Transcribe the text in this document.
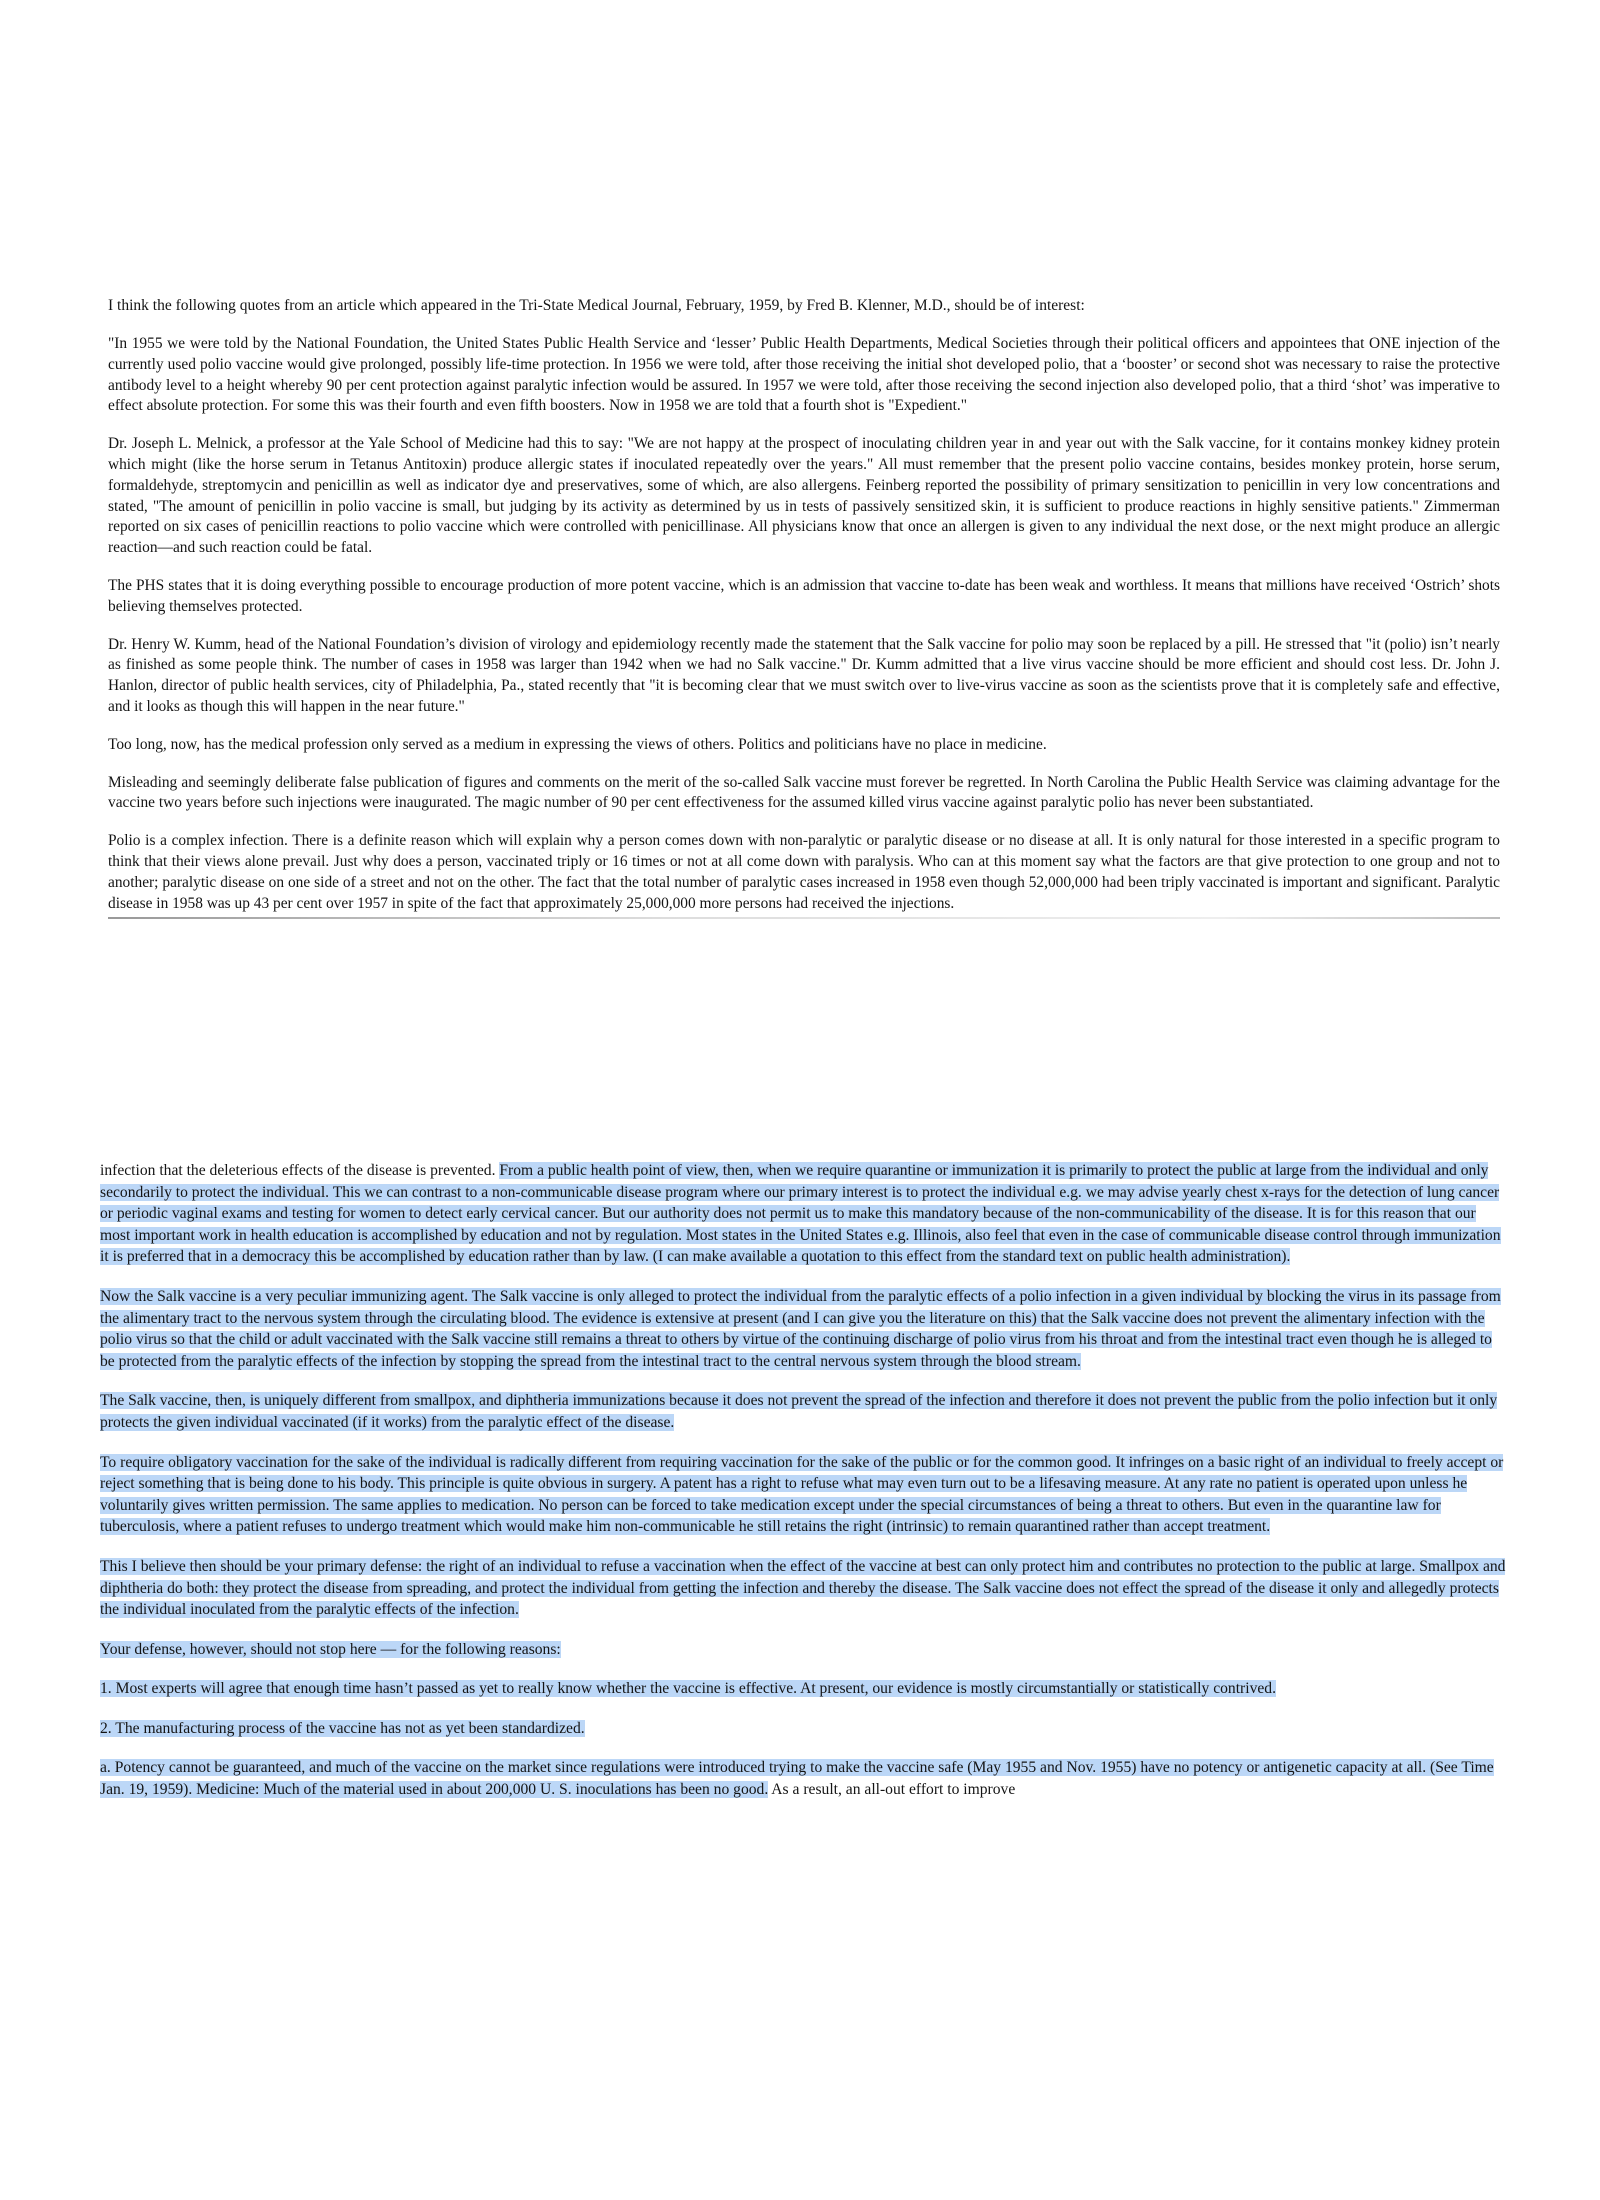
I think the following quotes from an article which appeared in the Tri-State Medical Journal, February, 1959, by Fred B. Klenner, M.D., should be of interest:

"In 1955 we were told by the National Foundation, the United States Public Health Service and ‘lesser’ Public Health Departments, Medical Societies through their political officers and appointees that ONE injection of the currently used polio vaccine would give prolonged, possibly life-time protection. In 1956 we were told, after those receiving the initial shot developed polio, that a ‘booster’ or second shot was necessary to raise the protective antibody level to a height whereby 90 per cent protection against paralytic infection would be assured. In 1957 we were told, after those receiving the second injection also developed polio, that a third ‘shot’ was imperative to effect absolute protection. For some this was their fourth and even fifth boosters. Now in 1958 we are told that a fourth shot is "Expedient."

Dr. Joseph L. Melnick, a professor at the Yale School of Medicine had this to say: "We are not happy at the prospect of inoculating children year in and year out with the Salk vaccine, for it contains monkey kidney protein which might (like the horse serum in Tetanus Antitoxin) produce allergic states if inoculated repeatedly over the years." All must remember that the present polio vaccine contains, besides monkey protein, horse serum, formaldehyde, streptomycin and penicillin as well as indicator dye and preservatives, some of which, are also allergens. Feinberg reported the possibility of primary sensitization to penicillin in very low concentrations and stated, "The amount of penicillin in polio vaccine is small, but judging by its activity as determined by us in tests of passively sensitized skin, it is sufficient to produce reactions in highly sensitive patients." Zimmerman reported on six cases of penicillin reactions to polio vaccine which were controlled with penicillinase. All physicians know that once an allergen is given to any individual the next dose, or the next might produce an allergic reaction—and such reaction could be fatal.

The PHS states that it is doing everything possible to encourage production of more potent vaccine, which is an admission that vaccine to-date has been weak and worthless. It means that millions have received ‘Ostrich’ shots believing themselves protected.

Dr. Henry W. Kumm, head of the National Foundation’s division of virology and epidemiology recently made the statement that the Salk vaccine for polio may soon be replaced by a pill. He stressed that "it (polio) isn’t nearly as finished as some people think. The number of cases in 1958 was larger than 1942 when we had no Salk vaccine." Dr. Kumm admitted that a live virus vaccine should be more efficient and should cost less. Dr. John J. Hanlon, director of public health services, city of Philadelphia, Pa., stated recently that "it is becoming clear that we must switch over to live-virus vaccine as soon as the scientists prove that it is completely safe and effective, and it looks as though this will happen in the near future."

Too long, now, has the medical profession only served as a medium in expressing the views of others. Politics and politicians have no place in medicine.

Misleading and seemingly deliberate false publication of figures and comments on the merit of the so-called Salk vaccine must forever be regretted. In North Carolina the Public Health Service was claiming advantage for the vaccine two years before such injections were inaugurated. The magic number of 90 per cent effectiveness for the assumed killed virus vaccine against paralytic polio has never been substantiated.

Polio is a complex infection. There is a definite reason which will explain why a person comes down with non-paralytic or paralytic disease or no disease at all. It is only natural for those interested in a specific program to think that their views alone prevail. Just why does a person, vaccinated triply or 16 times or not at all come down with paralysis. Who can at this moment say what the factors are that give protection to one group and not to another; paralytic disease on one side of a street and not on the other. The fact that the total number of paralytic cases increased in 1958 even though 52,000,000 had been triply vaccinated is important and significant. Paralytic disease in 1958 was up 43 per cent over 1957 in spite of the fact that approximately 25,000,000 more persons had received the injections.

infection that the deleterious effects of the disease is prevented. From a public health point of view, then, when we require quarantine or immunization it is primarily to protect the public at large from the individual and only secondarily to protect the individual. This we can contrast to a non-communicable disease program where our primary interest is to protect the individual e.g. we may advise yearly chest x-rays for the detection of lung cancer or periodic vaginal exams and testing for women to detect early cervical cancer. But our authority does not permit us to make this mandatory because of the non-communicability of the disease. It is for this reason that our most important work in health education is accomplished by education and not by regulation. Most states in the United States e.g. Illinois, also feel that even in the case of communicable disease control through immunization it is preferred that in a democracy this be accomplished by education rather than by law. (I can make available a quotation to this effect from the standard text on public health administration).

Now the Salk vaccine is a very peculiar immunizing agent. The Salk vaccine is only alleged to protect the individual from the paralytic effects of a polio infection in a given individual by blocking the virus in its passage from the alimentary tract to the nervous system through the circulating blood. The evidence is extensive at present (and I can give you the literature on this) that the Salk vaccine does not prevent the alimentary infection with the polio virus so that the child or adult vaccinated with the Salk vaccine still remains a threat to others by virtue of the continuing discharge of polio virus from his throat and from the intestinal tract even though he is alleged to be protected from the paralytic effects of the infection by stopping the spread from the intestinal tract to the central nervous system through the blood stream.

The Salk vaccine, then, is uniquely different from smallpox, and diphtheria immunizations because it does not prevent the spread of the infection and therefore it does not prevent the public from the polio infection but it only protects the given individual vaccinated (if it works) from the paralytic effect of the disease.

To require obligatory vaccination for the sake of the individual is radically different from requiring vaccination for the sake of the public or for the common good. It infringes on a basic right of an individual to freely accept or reject something that is being done to his body. This principle is quite obvious in surgery. A patent has a right to refuse what may even turn out to be a lifesaving measure. At any rate no patient is operated upon unless he voluntarily gives written permission. The same applies to medication. No person can be forced to take medication except under the special circumstances of being a threat to others. But even in the quarantine law for tuberculosis, where a patient refuses to undergo treatment which would make him non-communicable he still retains the right (intrinsic) to remain quarantined rather than accept treatment.

This I believe then should be your primary defense: the right of an individual to refuse a vaccination when the effect of the vaccine at best can only protect him and contributes no protection to the public at large. Smallpox and diphtheria do both: they protect the disease from spreading, and protect the individual from getting the infection and thereby the disease. The Salk vaccine does not effect the spread of the disease it only and allegedly protects the individual inoculated from the paralytic effects of the infection.

Your defense, however, should not stop here — for the following reasons:

1. Most experts will agree that enough time hasn’t passed as yet to really know whether the vaccine is effective. At present, our evidence is mostly circumstantially or statistically contrived.

2. The manufacturing process of the vaccine has not as yet been standardized.

a. Potency cannot be guaranteed, and much of the vaccine on the market since regulations were introduced trying to make the vaccine safe (May 1955 and Nov. 1955) have no potency or antigenetic capacity at all. (See Time Jan. 19, 1959). Medicine: Much of the material used in about 200,000 U. S. inoculations has been no good. As a result, an all-out effort to improve
